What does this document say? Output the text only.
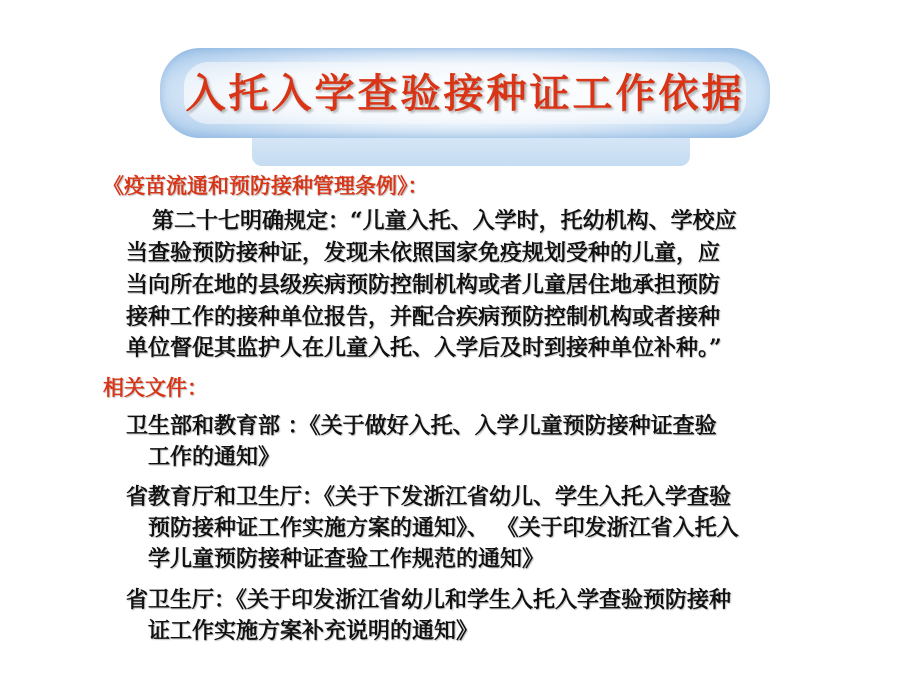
入托入学查验接种证工作依据
《疫苗流通和预防接种管理条例》：
第二十七明确规定：“儿童入托、入学时，托幼机构、学校应
当查验预防接种证，发现未依照国家免疫规划受种的儿童，应
当向所在地的县级疾病预防控制机构或者儿童居住地承担预防
接种工作的接种单位报告，并配合疾病预防控制机构或者接种
单位督促其监护人在儿童入托、入学后及时到接种单位补种。”
相关文件：
卫生部和教育部 ：《关于做好入托、入学儿童预防接种证查验
工作的通知》
省教育厅和卫生厅：《关于下发浙江省幼儿、学生入托入学查验
预防接种证工作实施方案的通知》、 《关于印发浙江省入托入
学儿童预防接种证查验工作规范的通知》
省卫生厅：《关于印发浙江省幼儿和学生入托入学查验预防接种
证工作实施方案补充说明的通知》
